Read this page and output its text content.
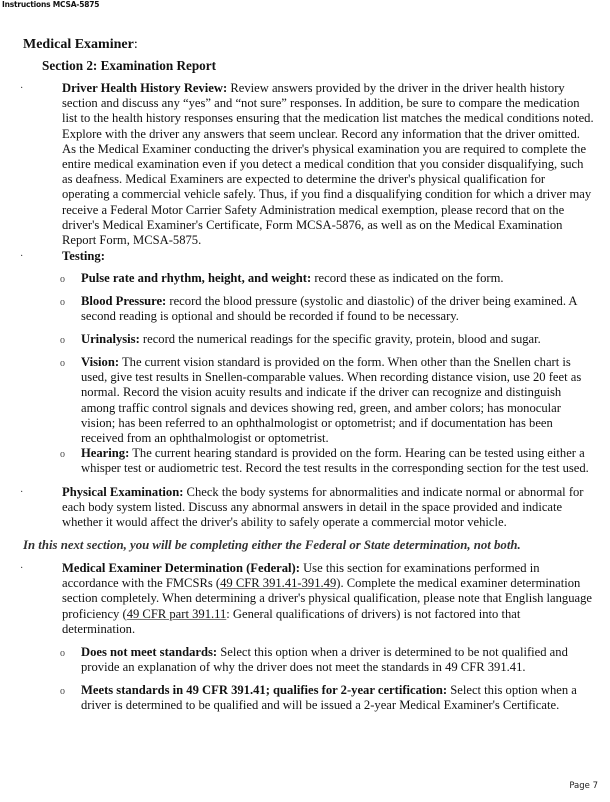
Instructions MCSA-5875
Medical Examiner:
Section 2: Examination Report
·	Driver Health History Review: Review answers provided by the driver in the driver health history section and discuss any “yes” and “not sure” responses. In addition, be sure to compare the medication list to the health history responses ensuring that the medication list matches the medical conditions noted. Explore with the driver any answers that seem unclear. Record any information that the driver omitted. As the Medical Examiner conducting the driver's physical examination you are required to complete the entire medical examination even if you detect a medical condition that you consider disqualifying, such as deafness. Medical Examiners are expected to determine the driver's physical qualification for operating a commercial vehicle safely. Thus, if you find a disqualifying condition for which a driver may receive a Federal Motor Carrier Safety Administration medical exemption, please record that on the driver's Medical Examiner's Certificate, Form MCSA-5876, as well as on the Medical Examination Report Form, MCSA-5875.
·	Testing:
o Pulse rate and rhythm, height, and weight: record these as indicated on the form.
o Blood Pressure: record the blood pressure (systolic and diastolic) of the driver being examined. A second reading is optional and should be recorded if found to be necessary.
o Urinalysis: record the numerical readings for the specific gravity, protein, blood and sugar.
o Vision: The current vision standard is provided on the form. When other than the Snellen chart is used, give test results in Snellen-comparable values. When recording distance vision, use 20 feet as normal. Record the vision acuity results and indicate if the driver can recognize and distinguish among traffic control signals and devices showing red, green, and amber colors; has monocular vision; has been referred to an ophthalmologist or optometrist; and if documentation has been received from an ophthalmologist or optometrist.
o Hearing: The current hearing standard is provided on the form. Hearing can be tested using either a whisper test or audiometric test. Record the test results in the corresponding section for the test used.
·	Physical Examination: Check the body systems for abnormalities and indicate normal or abnormal for each body system listed. Discuss any abnormal answers in detail in the space provided and indicate whether it would affect the driver's ability to safely operate a commercial motor vehicle.
In this next section, you will be completing either the Federal or State determination, not both.
·	Medical Examiner Determination (Federal): Use this section for examinations performed in accordance with the FMCSRs (49 CFR 391.41-391.49). Complete the medical examiner determination section completely. When determining a driver's physical qualification, please note that English language proficiency (49 CFR part 391.11: General qualifications of drivers) is not factored into that determination.
o Does not meet standards: Select this option when a driver is determined to be not qualified and provide an explanation of why the driver does not meet the standards in 49 CFR 391.41.
o Meets standards in 49 CFR 391.41; qualifies for 2-year certification: Select this option when a driver is determined to be qualified and will be issued a 2-year Medical Examiner's Certificate.
Page 7
